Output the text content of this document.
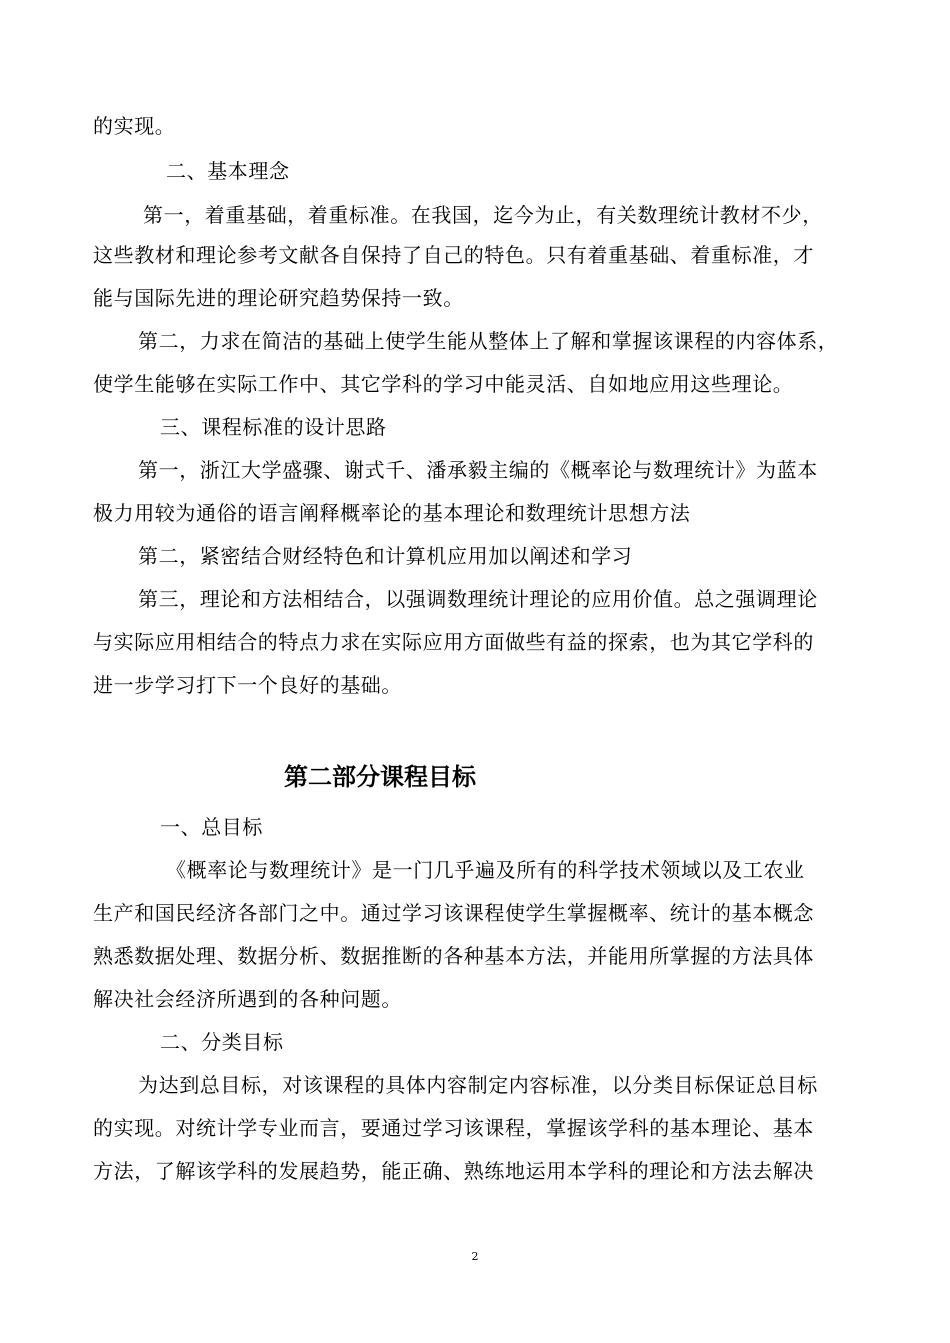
的实现。

二、基本理念

第一，着重基础，着重标准。在我国，迄今为止，有关数理统计教材不少，

这些教材和理论参考文献各自保持了自己的特色。只有着重基础、着重标准，才

能与国际先进的理论研究趋势保持一致。

第二，力求在简洁的基础上使学生能从整体上了解和掌握该课程的内容体系，

使学生能够在实际工作中、其它学科的学习中能灵活、自如地应用这些理论。

三、课程标准的设计思路

第一，浙江大学盛骤、谢式千、潘承毅主编的《概率论与数理统计》为蓝本

极力用较为通俗的语言阐释概率论的基本理论和数理统计思想方法

第二，紧密结合财经特色和计算机应用加以阐述和学习

第三，理论和方法相结合，以强调数理统计理论的应用价值。总之强调理论

与实际应用相结合的特点力求在实际应用方面做些有益的探索，也为其它学科的

进一步学习打下一个良好的基础。

第二部分课程目标

一、总目标

《概率论与数理统计》是一门几乎遍及所有的科学技术领域以及工农业

生产和国民经济各部门之中。通过学习该课程使学生掌握概率、统计的基本概念

熟悉数据处理、数据分析、数据推断的各种基本方法，并能用所掌握的方法具体

解决社会经济所遇到的各种问题。

二、分类目标

为达到总目标，对该课程的具体内容制定内容标准，以分类目标保证总目标

的实现。对统计学专业而言，要通过学习该课程，掌握该学科的基本理论、基本

方法，了解该学科的发展趋势，能正确、熟练地运用本学科的理论和方法去解决

2
